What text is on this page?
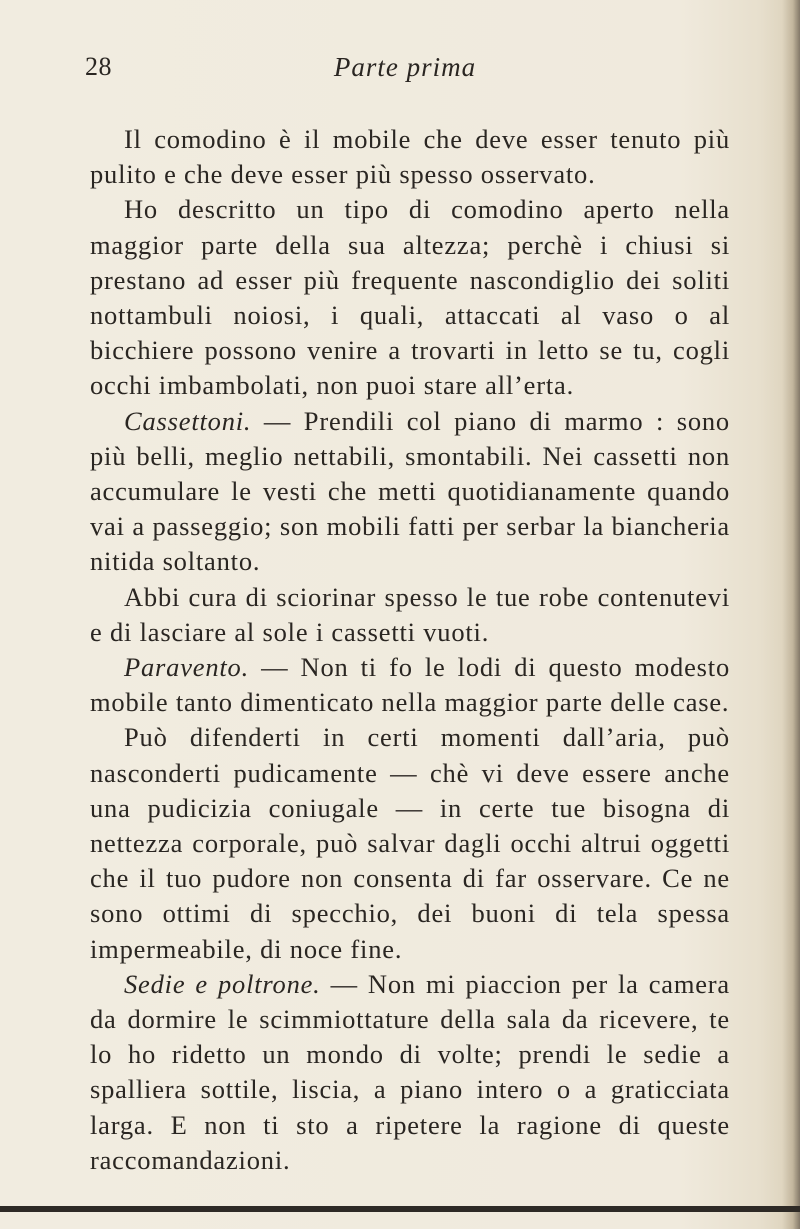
28	Parte prima

Il comodino è il mobile che deve esser tenuto più pulito e che deve esser più spesso osservato.

Ho descritto un tipo di comodino aperto nella maggior parte della sua altezza; perchè i chiusi si prestano ad esser più frequente nascondiglio dei soliti nottambuli noiosi, i quali, attaccati al vaso o al bicchiere possono venire a trovarti in letto se tu, cogli occhi imbambolati, non puoi stare all’erta.

Cassettoni. — Prendili col piano di marmo : sono più belli, meglio nettabili, smontabili. Nei cassetti non accumulare le vesti che metti quotidianamente quando vai a passeggio; son mobili fatti per serbar la biancheria nitida soltanto.

Abbi cura di sciorinar spesso le tue robe contenutevi e di lasciare al sole i cassetti vuoti.

Paravento. — Non ti fo le lodi di questo modesto mobile tanto dimenticato nella maggior parte delle case.

Può difenderti in certi momenti dall’aria, può nasconderti pudicamente — chè vi deve essere anche una pudicizia coniugale — in certe tue bisogna di nettezza corporale, può salvar dagli occhi altrui oggetti che il tuo pudore non consenta di far osservare. Ce ne sono ottimi di specchio, dei buoni di tela spessa impermeabile, di noce fine.

Sedie e poltrone. — Non mi piaccion per la camera da dormire le scimmiottature della sala da ricevere, te lo ho ridetto un mondo di volte; prendi le sedie a spalliera sottile, liscia, a piano intero o a graticciata larga. E non ti sto a ripetere la ragione di queste raccomandazioni.
